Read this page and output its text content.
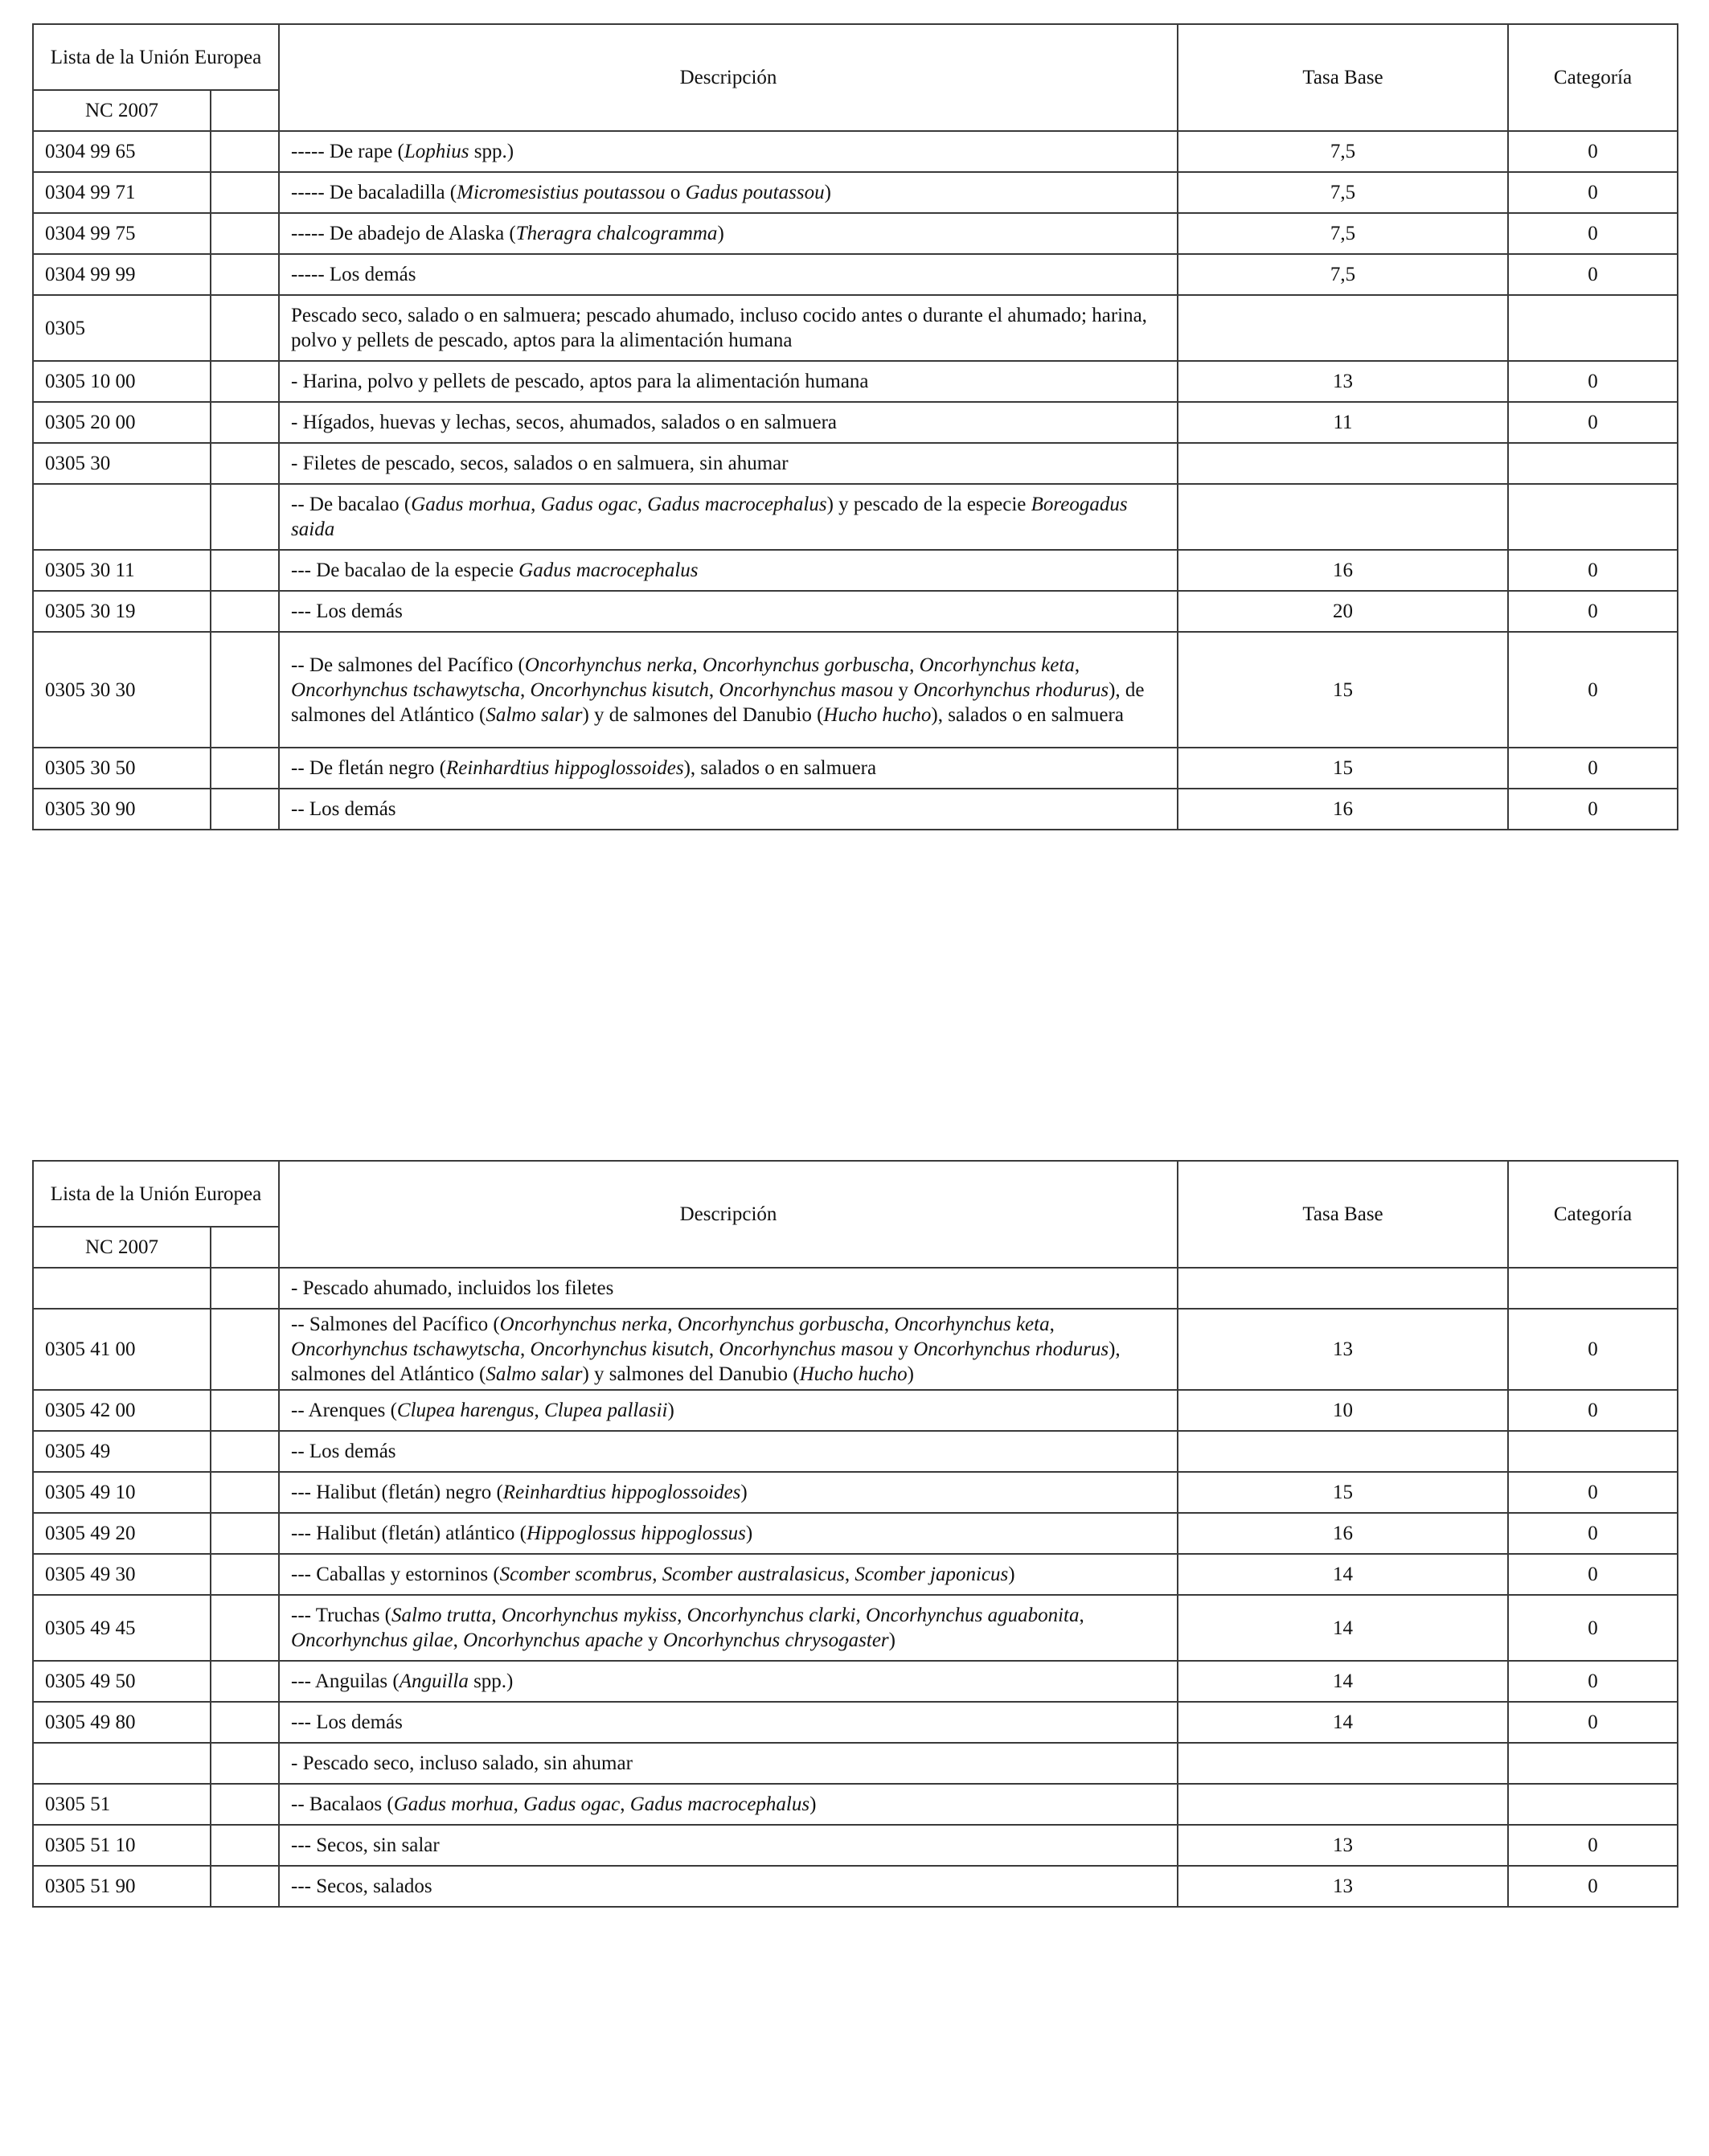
Lista de la Unión Europea		Descripción	Tasa Base	Categoría
NC 2007				
0304 99 65		----- De rape (Lophius spp.)	7,5	0
0304 99 71		----- De bacaladilla (Micromesistius poutassou o Gadus poutassou)	7,5	0
0304 99 75		----- De abadejo de Alaska (Theragra chalcogramma)	7,5	0
0304 99 99		----- Los demás	7,5	0
0305		Pescado seco, salado o en salmuera; pescado ahumado, incluso cocido antes o durante el ahumado; harina, polvo y pellets de pescado, aptos para la alimentación humana		
0305 10 00		- Harina, polvo y pellets de pescado, aptos para la alimentación humana	13	0
0305 20 00		- Hígados, huevas y lechas, secos, ahumados, salados o en salmuera	11	0
0305 30		- Filetes de pescado, secos, salados o en salmuera, sin ahumar		
		-- De bacalao (Gadus morhua, Gadus ogac, Gadus macrocephalus) y pescado de la especie Boreogadus saida		
0305 30 11		--- De bacalao de la especie Gadus macrocephalus	16	0
0305 30 19		--- Los demás	20	0
0305 30 30		-- De salmones del Pacífico (Oncorhynchus nerka, Oncorhynchus gorbuscha, Oncorhynchus keta, Oncorhynchus tschawytscha, Oncorhynchus kisutch, Oncorhynchus masou y Oncorhynchus rhodurus), de salmones del Atlántico (Salmo salar) y de salmones del Danubio (Hucho hucho), salados o en salmuera	15	0
0305 30 50		-- De fletán negro (Reinhardtius hippoglossoides), salados o en salmuera	15	0
0305 30 90		-- Los demás	16	0
Lista de la Unión Europea		Descripción	Tasa Base	Categoría
NC 2007				
		- Pescado ahumado, incluidos los filetes		
0305 41 00		-- Salmones del Pacífico (Oncorhynchus nerka, Oncorhynchus gorbuscha, Oncorhynchus keta, Oncorhynchus tschawytscha, Oncorhynchus kisutch, Oncorhynchus masou y Oncorhynchus rhodurus), salmones del Atlántico (Salmo salar) y salmones del Danubio (Hucho hucho)	13	0
0305 42 00		-- Arenques (Clupea harengus, Clupea pallasii)	10	0
0305 49		-- Los demás		
0305 49 10		--- Halibut (fletán) negro (Reinhardtius hippoglossoides)	15	0
0305 49 20		--- Halibut (fletán) atlántico (Hippoglossus hippoglossus)	16	0
0305 49 30		--- Caballas y estorninos (Scomber scombrus, Scomber australasicus, Scomber japonicus)	14	0
0305 49 45		--- Truchas (Salmo trutta, Oncorhynchus mykiss, Oncorhynchus clarki, Oncorhynchus aguabonita, Oncorhynchus gilae, Oncorhynchus apache y Oncorhynchus chrysogaster)	14	0
0305 49 50		--- Anguilas (Anguilla spp.)	14	0
0305 49 80		--- Los demás	14	0
		- Pescado seco, incluso salado, sin ahumar		
0305 51		-- Bacalaos (Gadus morhua, Gadus ogac, Gadus macrocephalus)		
0305 51 10		--- Secos, sin salar	13	0
0305 51 90		--- Secos, salados	13	0
